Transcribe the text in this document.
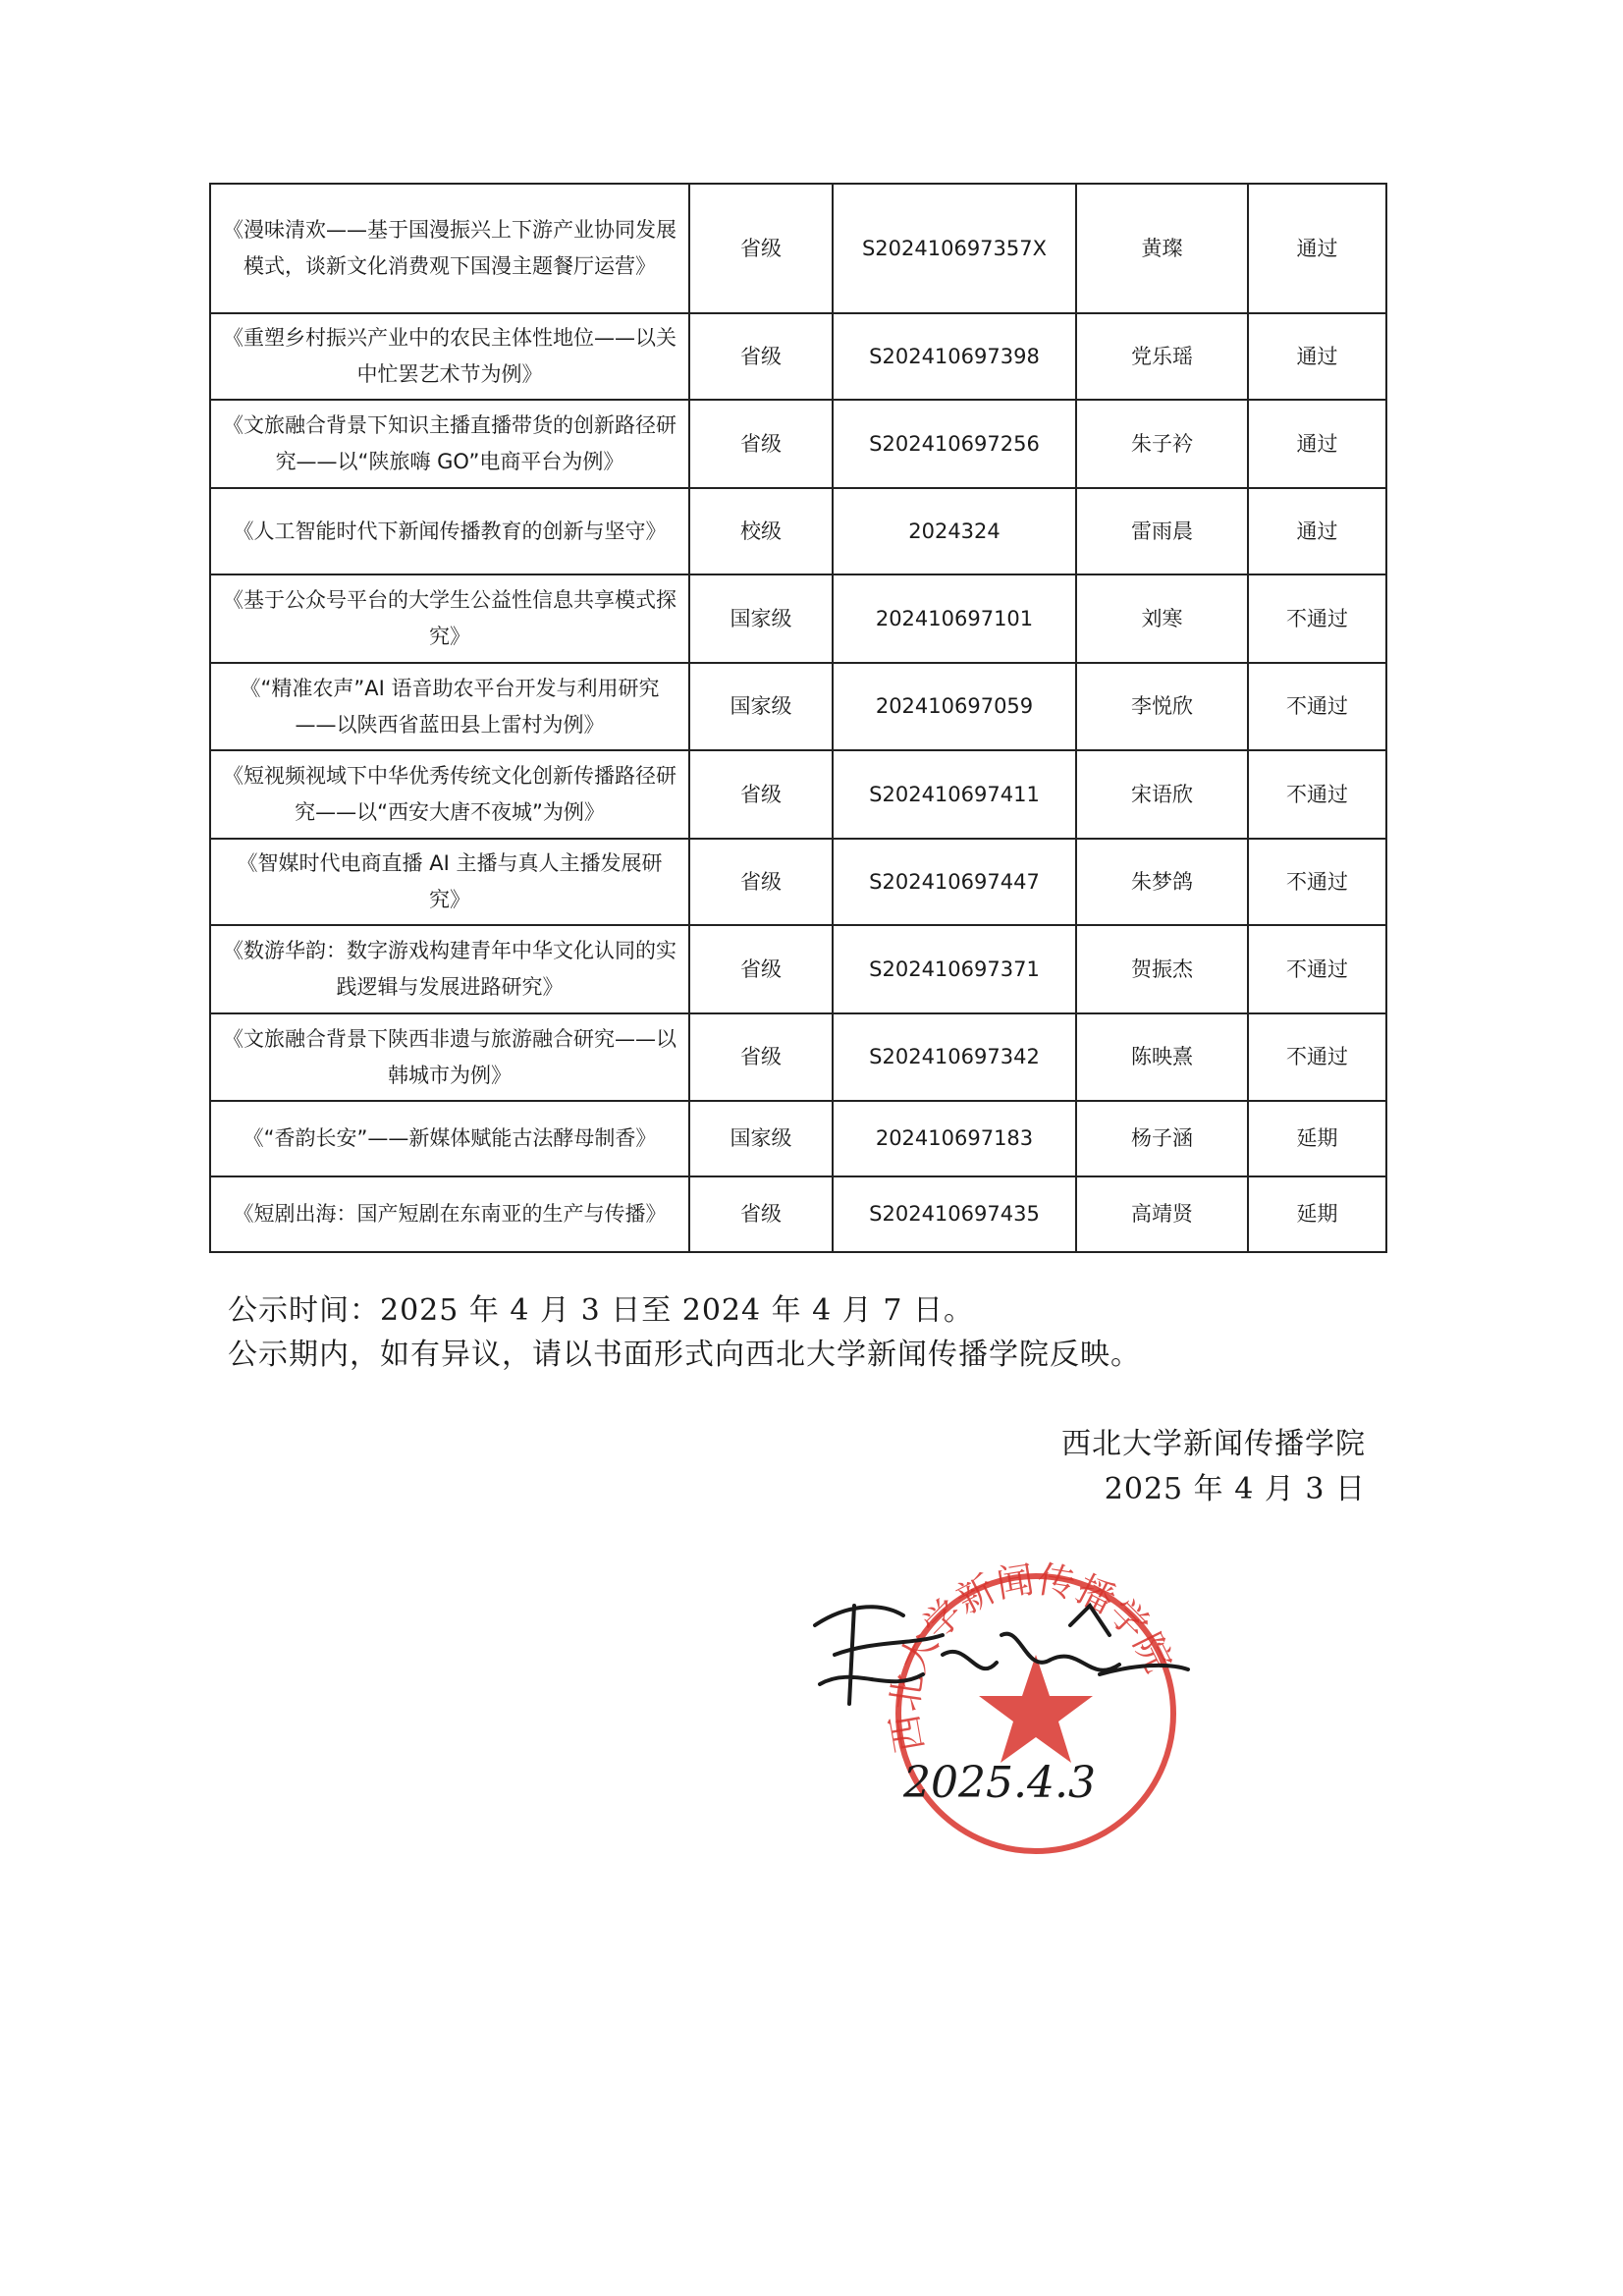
《漫味清欢——基于国漫振兴上下游产业协同发展模式，谈新文化消费观下国漫主题餐厅运营》	省级	S202410697357X	黄璨	通过
《重塑乡村振兴产业中的农民主体性地位——以关中忙罢艺术节为例》	省级	S202410697398	党乐瑶	通过
《文旅融合背景下知识主播直播带货的创新路径研究——以“陕旅嗨 GO”电商平台为例》	省级	S202410697256	朱子衿	通过
《人工智能时代下新闻传播教育的创新与坚守》	校级	2024324	雷雨晨	通过
《基于公众号平台的大学生公益性信息共享模式探究》	国家级	202410697101	刘寒	不通过
《“精准农声”AI 语音助农平台开发与利用研究——以陕西省蓝田县上雷村为例》	国家级	202410697059	李悦欣	不通过
《短视频视域下中华优秀传统文化创新传播路径研究——以“西安大唐不夜城”为例》	省级	S202410697411	宋语欣	不通过
《智媒时代电商直播 AI 主播与真人主播发展研究》	省级	S202410697447	朱梦鸽	不通过
《数游华韵：数字游戏构建青年中华文化认同的实践逻辑与发展进路研究》	省级	S202410697371	贺振杰	不通过
《文旅融合背景下陕西非遗与旅游融合研究——以韩城市为例》	省级	S202410697342	陈映熹	不通过
《“香韵长安”——新媒体赋能古法酵母制香》	国家级	202410697183	杨子涵	延期
《短剧出海：国产短剧在东南亚的生产与传播》	省级	S202410697435	高靖贤	延期
公示时间：2025 年 4 月 3 日至 2024 年 4 月 7 日。
公示期内，如有异议，请以书面形式向西北大学新闻传播学院反映。
西北大学新闻传播学院
2025 年 4 月 3 日
西北大学新闻传播学院
2025.4.3
